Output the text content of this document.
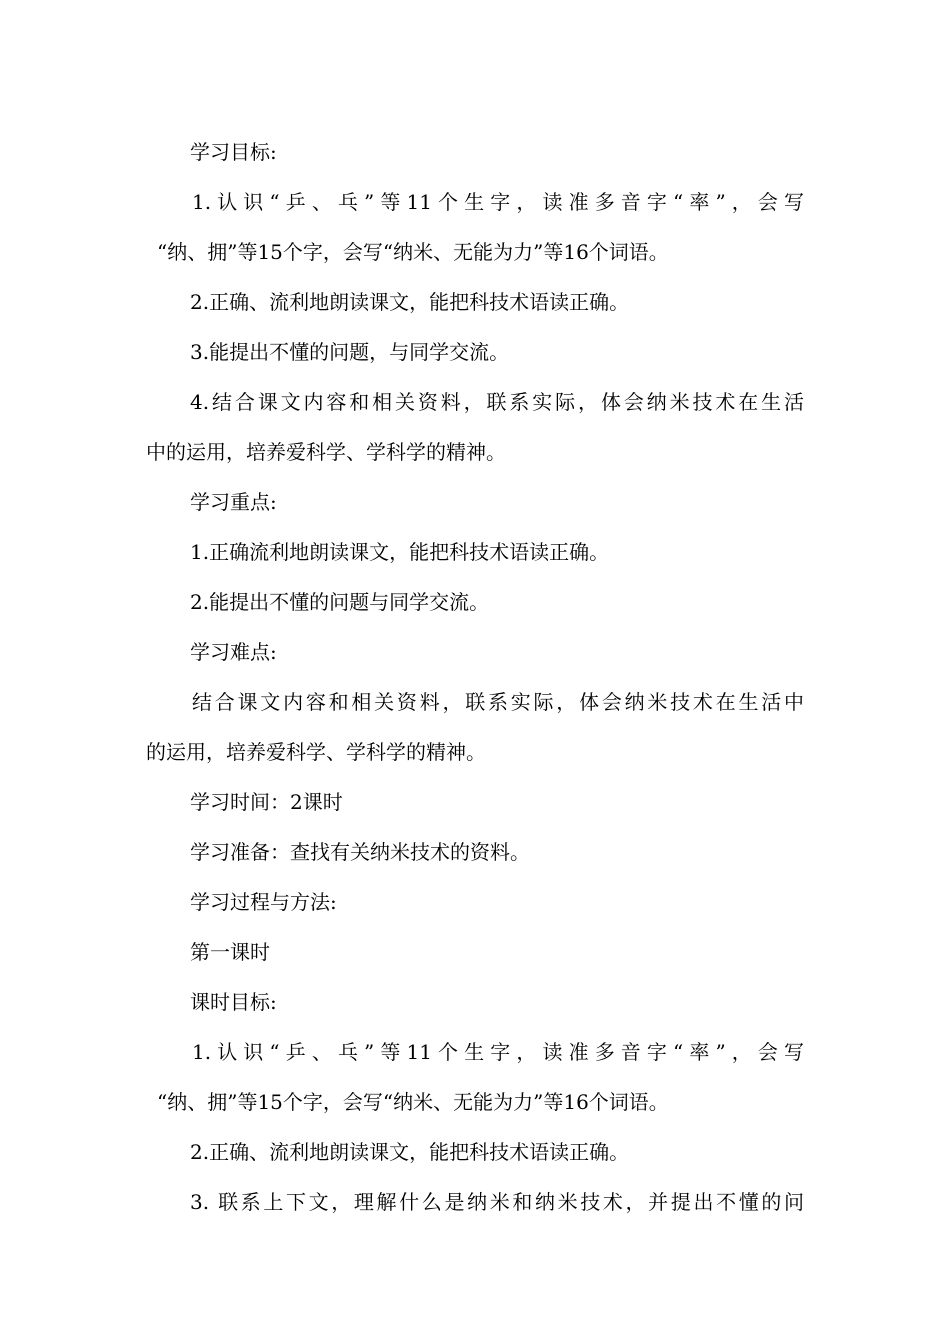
学习目标:
1.认识“乒、乓”等11个生字，读准多音字“率”，会写
“纳、拥”等15个字，会写“纳米、无能为力”等16个词语。
2.正确、流利地朗读课文，能把科技术语读正确。
3.能提出不懂的问题，与同学交流。
4.结合课文内容和相关资料，联系实际，体会纳米技术在生活
中的运用，培养爱科学、学科学的精神。
学习重点:
1.正确流利地朗读课文，能把科技术语读正确。
2.能提出不懂的问题与同学交流。
学习难点:
结合课文内容和相关资料，联系实际，体会纳米技术在生活中
的运用，培养爱科学、学科学的精神。
学习时间：2课时
学习准备：查找有关纳米技术的资料。
学习过程与方法:
第一课时
课时目标:
1.认识“乒、乓”等11个生字，读准多音字“率”，会写
“纳、拥”等15个字，会写“纳米、无能为力”等16个词语。
2.正确、流利地朗读课文，能把科技术语读正确。
3. 联系上下文，理解什么是纳米和纳米技术，并提出不懂的问
